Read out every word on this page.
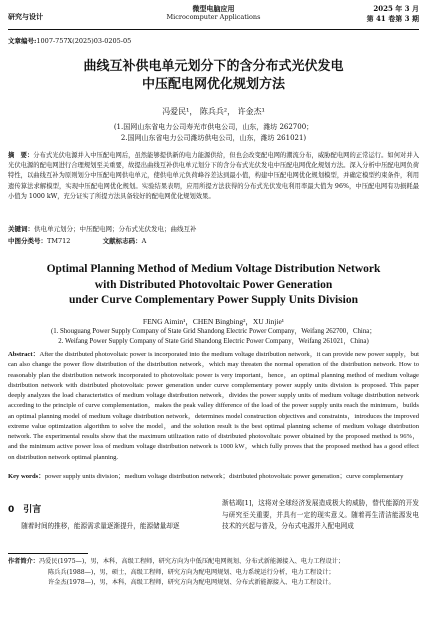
研究与设计
微型电脑应用
Microcomputer Applications
2025 年 3 月
第 41 卷第 3 期
文章编号:1007-757X(2025)03-0205-05
曲线互补供电单元划分下的含分布式光伏发电
中压配电网优化规划方法
冯爱民¹， 陈兵兵²， 许金杰¹
(1.国网山东省电力公司寿光市供电公司，山东，潍坊 262700；
2.国网山东省电力公司潍坊供电公司，山东，潍坊 261021)
摘　要：分布式光伏电源并入中压配电网后，虽然能够提供新的电力能源供给，但也会改变配电网的潮流分布，威胁配电网的正常运行。如何对并入光伏电源的配电网进行合理规划至关重要，故提出曲线互补供电单元划分下的含分布式光伏发电中压配电网优化规划方法。深入分析中压配电网负荷特性，以曲线互补为原则划分中压配电网供电单元，使供电单元负荷峰谷差达到最小值，构建中压配电网优化规划模型，并确定模型约束条件，利用遗传算法求解模型，实现中压配电网优化规划。实验结果表明，应用所提方法获得的分布式光伏发电利用率最大值为 96%，中压配电网有功损耗最小值为 1000 kW，充分证实了所提方法具备较好的配电网优化规划效果。
关键词：供电单元划分；中压配电网；分布式光伏发电；曲线互补
中图分类号：TM712	文献标志码：A
Optimal Planning Method of Medium Voltage Distribution Network
with Distributed Photovoltaic Power Generation
under Curve Complementary Power Supply Units Division
FENG Aimin¹，CHEN Bingbing²，XU Jinjie¹
(1. Shouguang Power Supply Company of State Grid Shandong Electric Power Company，Weifang 262700，China；
2. Weifang Power Supply Company of State Grid Shandong Electric Power Company，Weifang 261021，China)
Abstract：After the distributed photovoltaic power is incorporated into the medium voltage distribution network，it can provide new power supply，but can also change the power flow distribution of the distribution network，which may threaten the normal operation of the distribution network. How to reasonably plan the distribution network incorporated to photovoltaic power is very important，hence，an optimal planning method of medium voltage distribution network with distributed photovoltaic power generation under curve complementary power supply units division is proposed. This paper deeply analyzes the load characteristics of medium voltage distribution network，divides the power supply units of medium voltage distribution network according to the principle of curve complementation，makes the peak valley difference of the load of the power supply units reach the minimum，builds an optimal planning model of medium voltage distribution network，determines model construction objectives and constraints，introduces the improved extreme value optimization algorithm to solve the model，and the solution result is the best optimal planning scheme of medium voltage distribution network. The experimental results show that the maximum utilization ratio of distributed photovoltaic power obtained by the proposed method is 96%，and the minimum active power loss of medium voltage distribution network is 1000 kW，which fully proves that the proposed method has a good effect on distribution network optimal planning.
Key words：power supply units division；medium voltage distribution network；distributed photovoltaic power generation；curve complementary
0　引言
随着时间的推移，能源需求量逐渐提升，能源储量却逐
渐枯竭[1]，这将对全球经济发展造成极大的威胁，替代能源的开发与研究至关重要，并具有一定的现实意义。随着再生清洁能源发电技术的兴起与普及，分布式电源并入配电网成
作者简介：冯爱民(1975—)，男，本科，高级工程师，研究方向为中低压配电网规划、分布式新能源接入、电力工程设计；
陈兵兵(1988—)，男，硕士，高级工程师，研究方向为配电网规划、电力系统运行分析，电力工程设计；
许金杰(1978—)，男，本科，高级工程师，研究方向为配电网规划、分布式新能源接入、电力工程设计。
